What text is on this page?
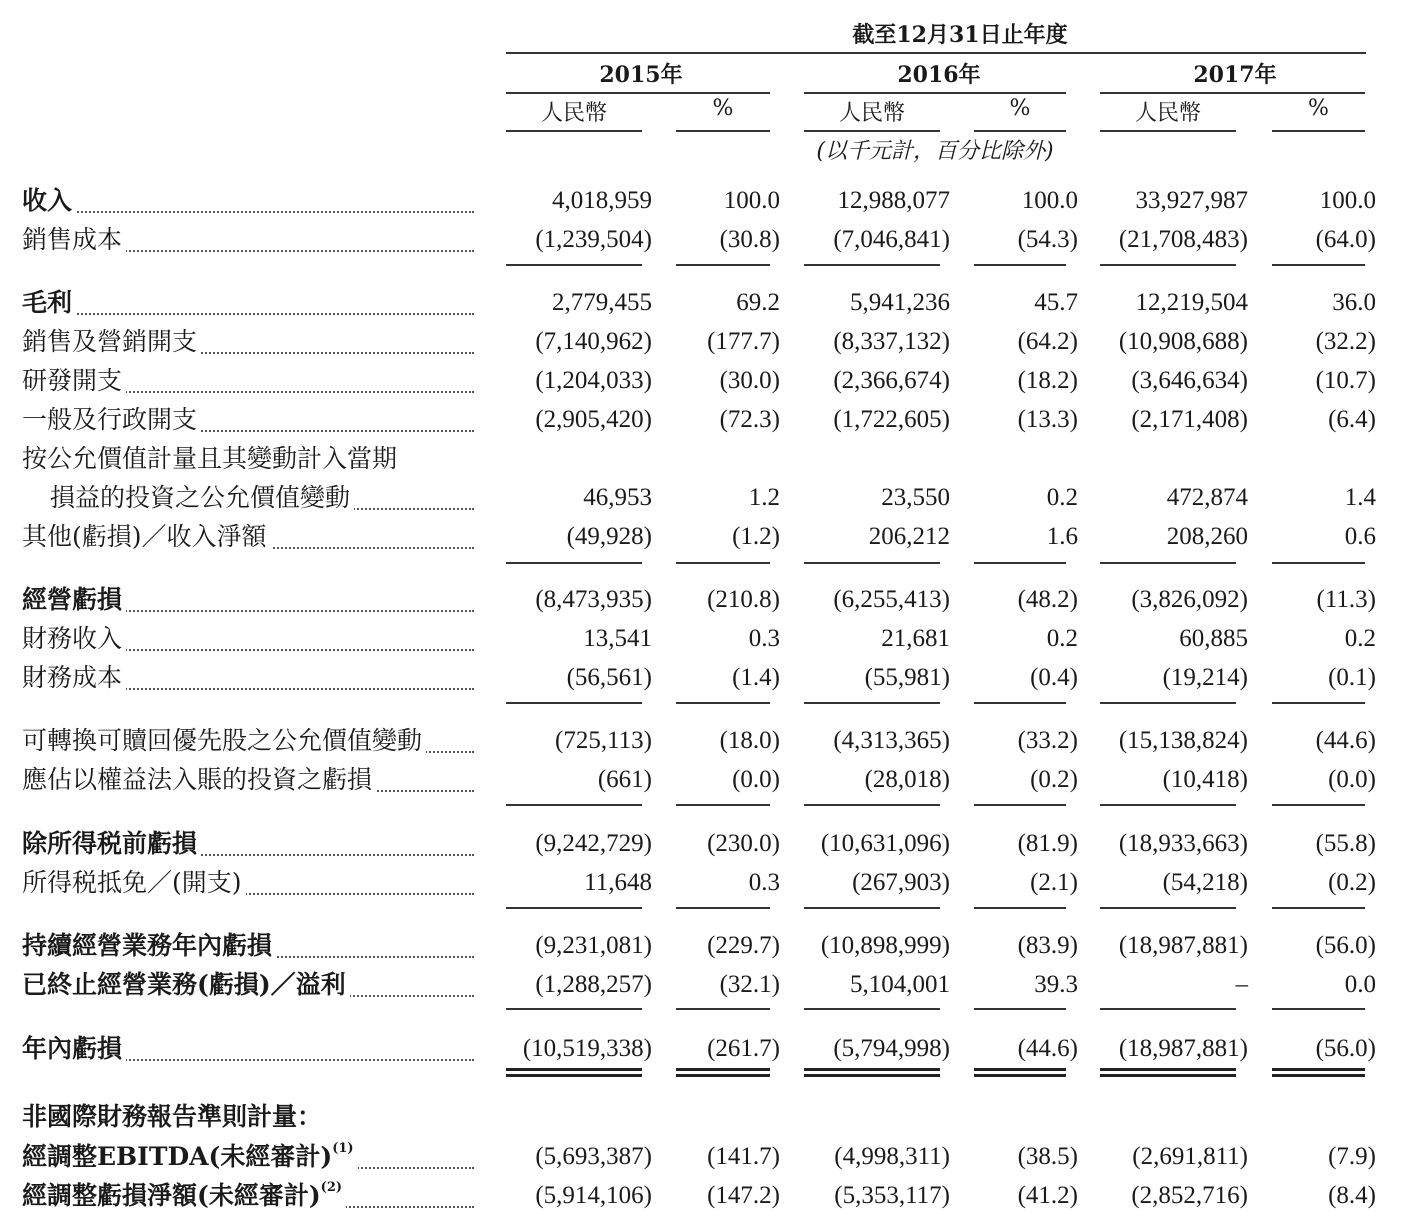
截至12月31日止年度
2015年	2016年	2017年
人民幣	%	人民幣	%	人民幣	%
(以千元計，百分比除外)
收入	4,018,959	100.0	12,988,077	100.0	33,927,987	100.0
銷售成本	(1,239,504)	(30.8)	(7,046,841)	(54.3)	(21,708,483)	(64.0)
毛利	2,779,455	69.2	5,941,236	45.7	12,219,504	36.0
銷售及營銷開支	(7,140,962)	(177.7)	(8,337,132)	(64.2)	(10,908,688)	(32.2)
研發開支	(1,204,033)	(30.0)	(2,366,674)	(18.2)	(3,646,634)	(10.7)
一般及行政開支	(2,905,420)	(72.3)	(1,722,605)	(13.3)	(2,171,408)	(6.4)
按公允價值計量且其變動計入當期
損益的投資之公允價值變動	46,953	1.2	23,550	0.2	472,874	1.4
其他(虧損)／收入淨額	(49,928)	(1.2)	206,212	1.6	208,260	0.6
經營虧損	(8,473,935)	(210.8)	(6,255,413)	(48.2)	(3,826,092)	(11.3)
財務收入	13,541	0.3	21,681	0.2	60,885	0.2
財務成本	(56,561)	(1.4)	(55,981)	(0.4)	(19,214)	(0.1)
可轉換可贖回優先股之公允價值變動	(725,113)	(18.0)	(4,313,365)	(33.2)	(15,138,824)	(44.6)
應佔以權益法入賬的投資之虧損	(661)	(0.0)	(28,018)	(0.2)	(10,418)	(0.0)
除所得税前虧損	(9,242,729)	(230.0)	(10,631,096)	(81.9)	(18,933,663)	(55.8)
所得税抵免／(開支)	11,648	0.3	(267,903)	(2.1)	(54,218)	(0.2)
持續經營業務年內虧損	(9,231,081)	(229.7)	(10,898,999)	(83.9)	(18,987,881)	(56.0)
已終止經營業務(虧損)／溢利	(1,288,257)	(32.1)	5,104,001	39.3	–	0.0
年內虧損	(10,519,338)	(261.7)	(5,794,998)	(44.6)	(18,987,881)	(56.0)
非國際財務報告準則計量：
經調整EBITDA(未經審計)$^{(1)}$	(5,693,387)	(141.7)	(4,998,311)	(38.5)	(2,691,811)	(7.9)
經調整虧損淨額(未經審計)$^{(2)}$	(5,914,106)	(147.2)	(5,353,117)	(41.2)	(2,852,716)	(8.4)
